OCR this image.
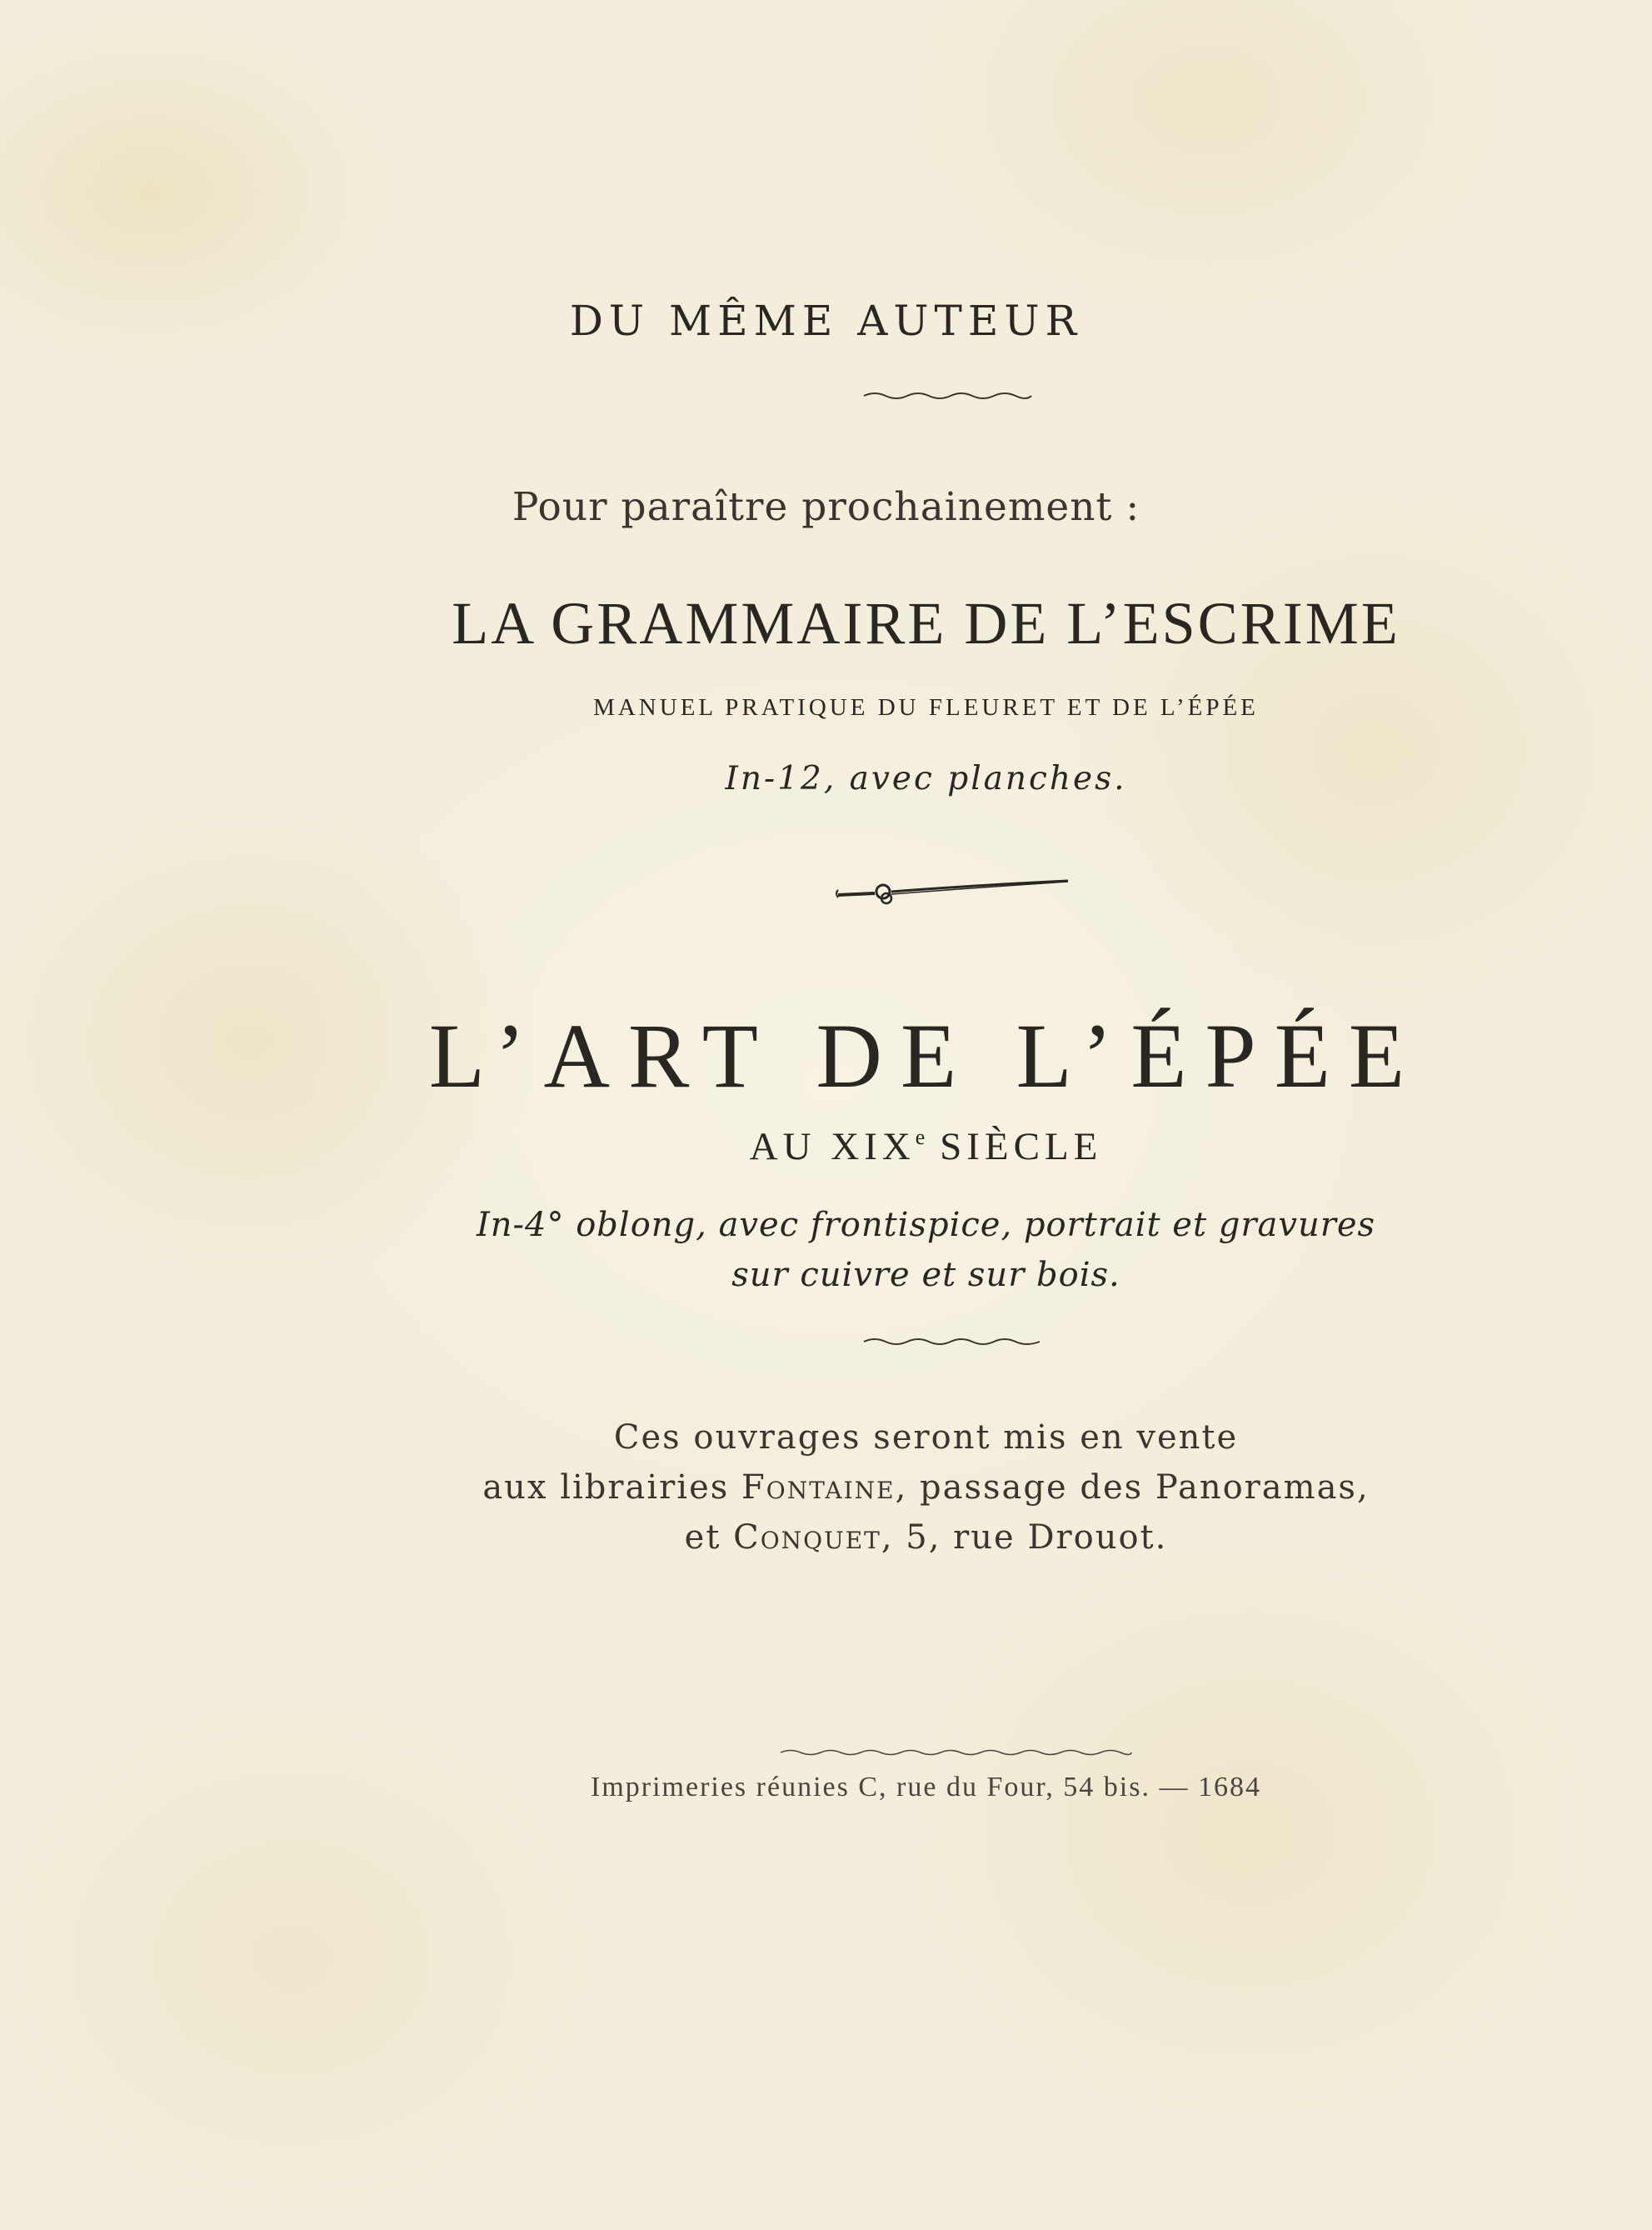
DU MÊME AUTEUR
Pour paraître prochainement :
LA GRAMMAIRE DE L’ESCRIME
MANUEL PRATIQUE DU FLEURET ET DE L’ÉPÉE
In-12, avec planches.
L’ART DE L’ÉPÉE
AU XIXe SIÈCLE
In-4° oblong, avec frontispice, portrait et gravures
sur cuivre et sur bois.
Ces ouvrages seront mis en vente
aux librairies Fontaine, passage des Panoramas,
et Conquet, 5, rue Drouot.
Imprimeries réunies C, rue du Four, 54 bis. — 1684
